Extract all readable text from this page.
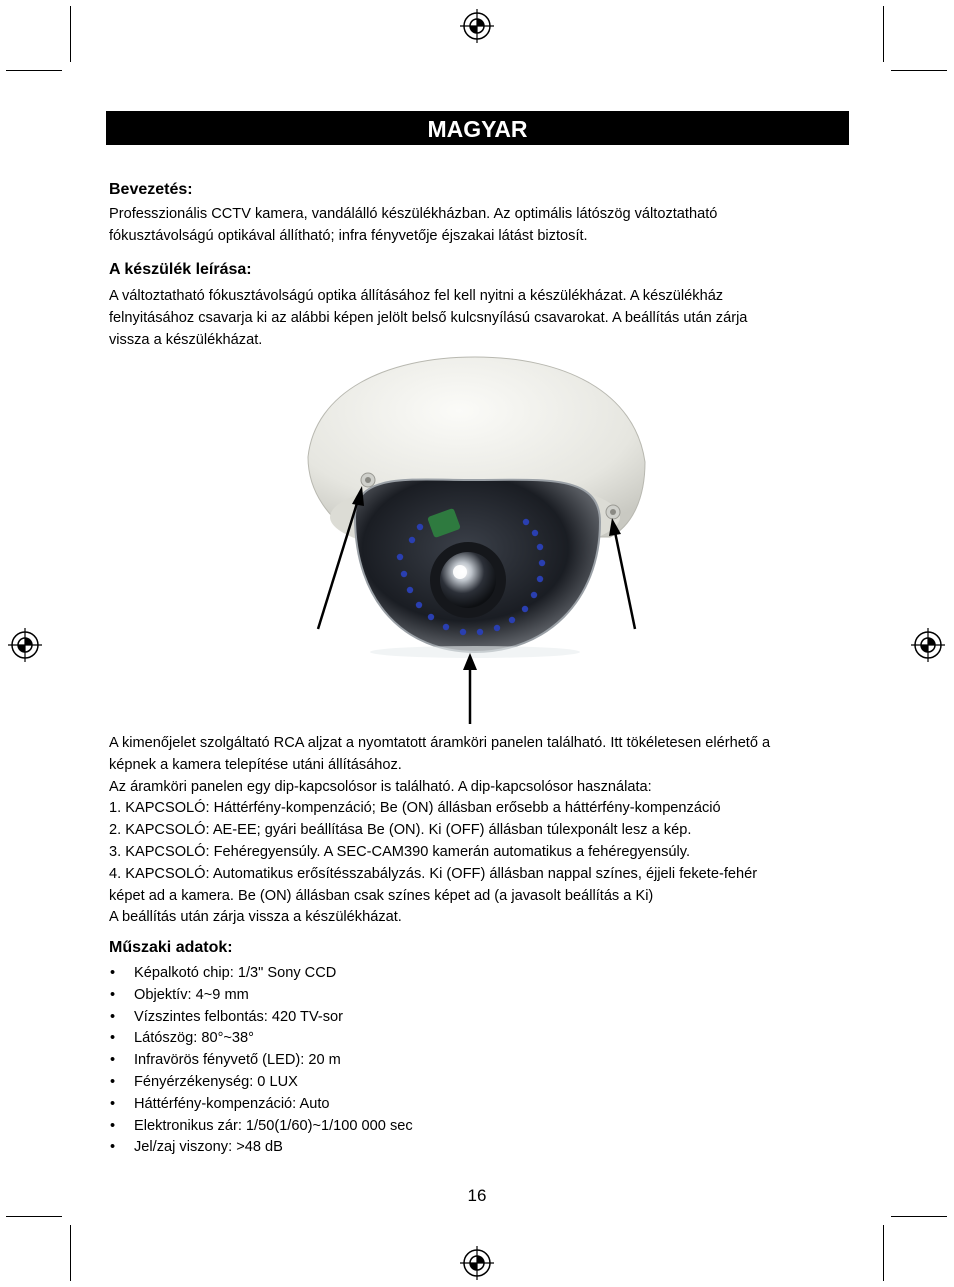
MAGYAR
Bevezetés:

Professzionális CCTV kamera, vandálálló készülékházban. Az optimális látószög változtatható

fókusztávolságú optikával állítható; infra fényvetője éjszakai látást biztosít.

A készülék leírása:

A változtatható fókusztávolságú optika állításához fel kell nyitni a készülékházat. A készülékház

felnyitásához csavarja ki az alábbi képen jelölt belső kulcsnyílású csavarokat. A beállítás után zárja

vissza a készülékházat.

A kimenőjelet szolgáltató RCA aljzat a nyomtatott áramköri panelen található. Itt tökéletesen elérhető a

képnek a kamera telepítése utáni állításához.

Az áramköri panelen egy dip-kapcsolósor is található. A dip-kapcsolósor használata:

1. KAPCSOLÓ: Háttérfény-kompenzáció; Be (ON) állásban erősebb a háttérfény-kompenzáció

2. KAPCSOLÓ: AE-EE; gyári beállítása Be (ON). Ki (OFF) állásban túlexponált lesz a kép.

3. KAPCSOLÓ: Fehéregyensúly. A SEC-CAM390 kamerán automatikus a fehéregyensúly.

4. KAPCSOLÓ: Automatikus erősítésszabályzás. Ki (OFF) állásban nappal színes, éjjeli fekete-fehér

képet ad a kamera. Be (ON) állásban csak színes képet ad (a javasolt beállítás a Ki)

A beállítás után zárja vissza a készülékházat.

Műszaki adatok:
• Képalkotó chip: 1/3" Sony CCD
• Objektív: 4~9 mm
• Vízszintes felbontás: 420 TV-sor
• Látószög: 80°~38°
• Infravörös fényvető (LED): 20 m
• Fényérzékenység: 0 LUX
• Háttérfény-kompenzáció: Auto
• Elektronikus zár: 1/50(1/60)~1/100 000 sec
• Jel/zaj viszony: >48 dB
16
